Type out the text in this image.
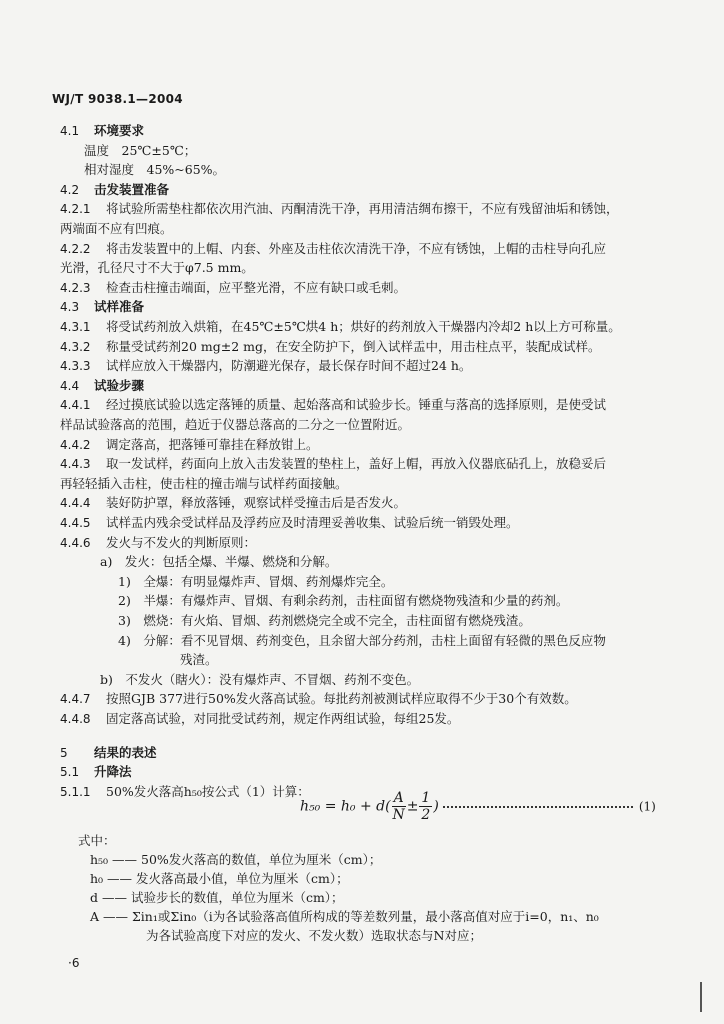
WJ/T 9038.1—2004
4.1 环境要求
温度　25℃±5℃；
相对湿度　45%~65%。
4.2 击发装置准备
4.2.1 将试验所需垫柱都依次用汽油、丙酮清洗干净，再用清洁绸布擦干，不应有残留油垢和锈蚀，
两端面不应有凹痕。
4.2.2 将击发装置中的上帽、内套、外座及击柱依次清洗干净，不应有锈蚀，上帽的击柱导向孔应
光滑，孔径尺寸不大于φ7.5 mm。
4.2.3 检查击柱撞击端面，应平整光滑，不应有缺口或毛刺。
4.3 试样准备
4.3.1 将受试药剂放入烘箱，在45℃±5℃烘4 h；烘好的药剂放入干燥器内冷却2 h以上方可称量。
4.3.2 称量受试药剂20 mg±2 mg，在安全防护下，倒入试样盂中，用击柱点平，装配成试样。
4.3.3 试样应放入干燥器内，防潮避光保存，最长保存时间不超过24 h。
4.4 试验步骤
4.4.1 经过摸底试验以选定落锤的质量、起始落高和试验步长。锤重与落高的选择原则，是使受试
样品试验落高的范围，趋近于仪器总落高的二分之一位置附近。
4.4.2 调定落高，把落锤可靠挂在释放钳上。
4.4.3 取一发试样，药面向上放入击发装置的垫柱上，盖好上帽，再放入仪器底砧孔上，放稳妥后
再轻轻插入击柱，使击柱的撞击端与试样药面接触。
4.4.4 装好防护罩，释放落锤，观察试样受撞击后是否发火。
4.4.5 试样盂内残余受试样品及浮药应及时清理妥善收集、试验后统一销毁处理。
4.4.6 发火与不发火的判断原则：
a)　发火：包括全爆、半爆、燃烧和分解。
1)　全爆：有明显爆炸声、冒烟、药剂爆炸完全。
2)　半爆：有爆炸声、冒烟、有剩余药剂，击柱面留有燃烧物残渣和少量的药剂。
3)　燃烧：有火焰、冒烟、药剂燃烧完全或不完全，击柱面留有燃烧残渣。
4)　分解：看不见冒烟、药剂变色，且余留大部分药剂，击柱上面留有轻微的黑色反应物
残渣。
b)　不发火（瞎火）：没有爆炸声、不冒烟、药剂不变色。
4.4.7 按照GJB 377进行50%发火落高试验。每批药剂被测试样应取得不少于30个有效数。
4.4.8 固定落高试验，对同批受试药剂，规定作两组试验，每组25发。
5 结果的表述
5.1 升降法
5.1.1 50%发火落高h₅₀按公式（1）计算：
$h_{50} = h_0 + d( \frac{A}{N} \pm \frac{1}{2}$ )	(1)
式中：
h₅₀ —— 50%发火落高的数值，单位为厘米（cm）；
h₀ —— 发火落高最小值，单位为厘米（cm）；
d —— 试验步长的数值，单位为厘米（cm）；
A —— Σin₁或Σin₀（i为各试验落高值所构成的等差数列量，最小落高值对应于i=0，n₁、n₀
为各试验高度下对应的发火、不发火数）选取状态与N对应；
·6
